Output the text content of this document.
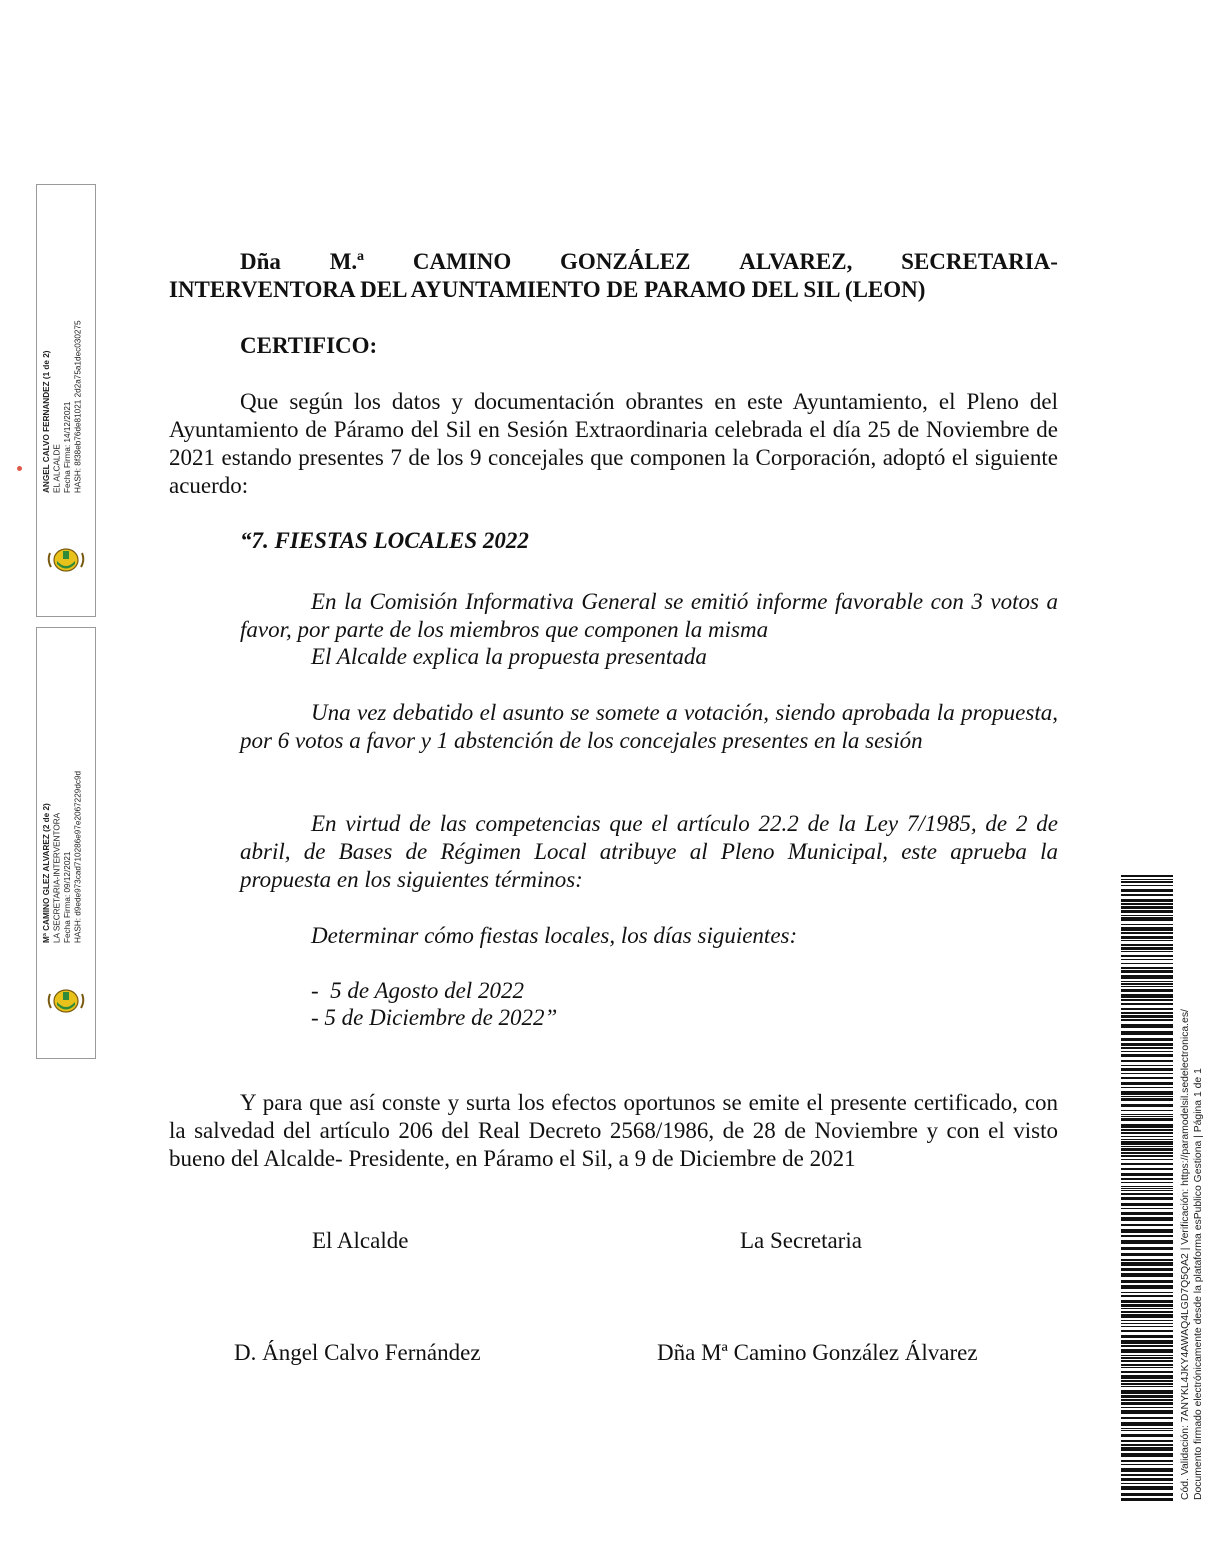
ANGEL CALVO FERNANDEZ (1 de 2) EL ALCALDE Fecha Firma: 14/12/2021 HASH: 8f38eb76de81021 2d2a75a1dec030275
Mª CAMINO GLEZ ALVAREZ (2 de 2) LA SECRETARIA-INTERVENTORA Fecha Firma: 09/12/2021 HASH: d9ede973cad710286e97e2067229dc9d
Dña M.ª CAMINO GONZÁLEZ ALVAREZ, SECRETARIA-
INTERVENTORA DEL AYUNTAMIENTO DE PARAMO DEL SIL (LEON)

CERTIFICO:

Que según los datos y documentación obrantes en este Ayuntamiento, el Pleno del Ayuntamiento de Páramo del Sil en Sesión Extraordinaria celebrada el día 25 de Noviembre de 2021 estando presentes 7 de los 9 concejales que componen la Corporación, adoptó el siguiente acuerdo:

“7. FIESTAS LOCALES 2022

En la Comisión Informativa General se emitió informe favorable con 3 votos a favor, por parte de los miembros que componen la misma

El Alcalde explica la propuesta presentada

Una vez debatido el asunto se somete a votación, siendo aprobada la propuesta, por 6 votos a favor y 1 abstención de los concejales presentes en la sesión

En virtud de las competencias que el artículo 22.2 de la Ley 7/1985, de 2 de abril, de Bases de Régimen Local atribuye al Pleno Municipal, este aprueba la propuesta en los siguientes términos:

Determinar cómo fiestas locales, los días siguientes:

-  5 de Agosto del 2022

- 5 de Diciembre de 2022”

Y para que así conste y surta los efectos oportunos se emite el presente certificado, con la salvedad del artículo 206 del Real Decreto 2568/1986, de 28 de Noviembre y con el visto bueno del Alcalde- Presidente, en Páramo el Sil, a 9 de Diciembre de 2021

El Alcalde	La Secretaria

D. Ángel Calvo Fernández	Dña Mª Camino González Álvarez	Cód. Validación: 7ANYKL4JKY4AWAQ4LGD7Q5QA2 | Verificación: https://paramodelsil.sedelectronica.es/ Documento firmado electrónicamente desde la plataforma esPublico Gestiona | Página 1 de 1
